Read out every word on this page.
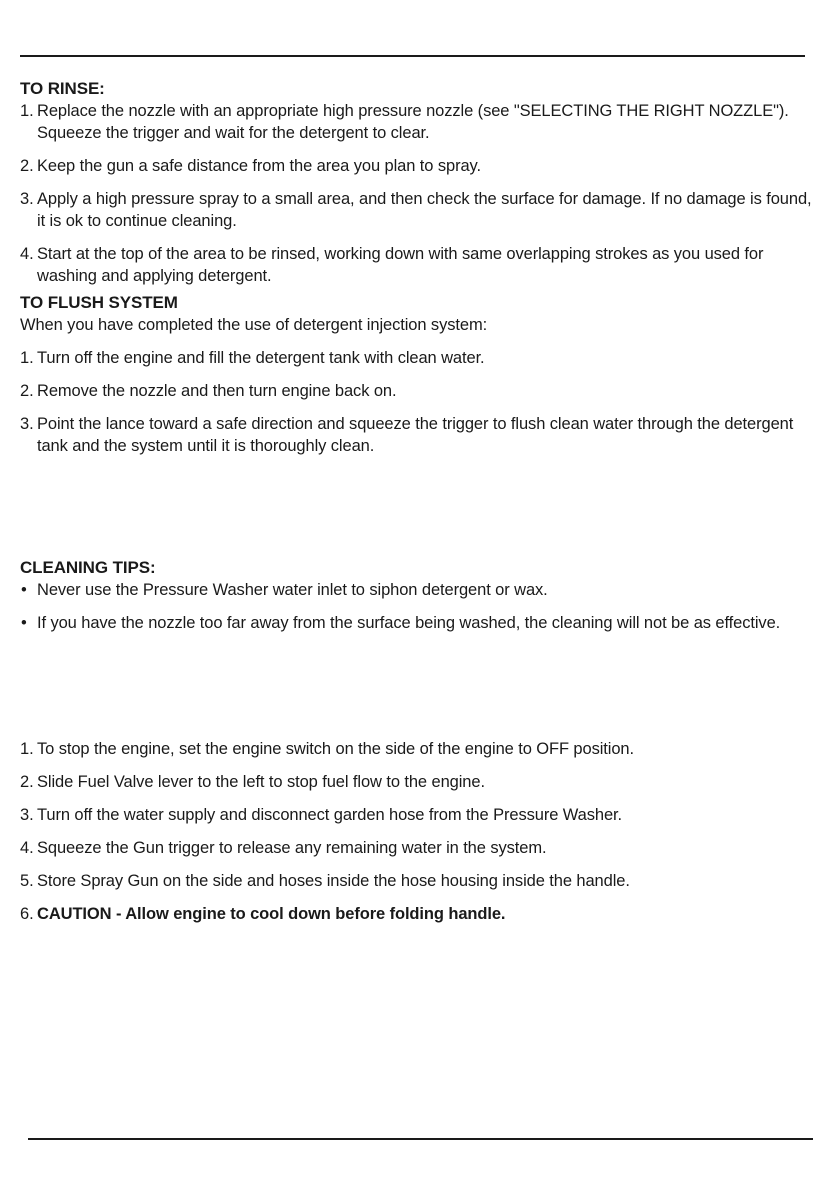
TO RINSE:
1. Replace the nozzle with an appropriate high pressure nozzle (see "SELECTING THE RIGHT NOZZLE"). Squeeze the trigger and wait for the detergent to clear.
2. Keep the gun a safe distance from the area you plan to spray.
3. Apply a high pressure spray to a small area, and then check the surface for damage. If no damage is found, it is ok to continue cleaning.
4. Start at the top of the area to be rinsed, working down with same overlapping strokes as you used for washing and applying detergent.
TO FLUSH SYSTEM

When you have completed the use of detergent injection system:

1. Turn off the engine and fill the detergent tank with clean water.
2. Remove the nozzle and then turn engine back on.
3. Point the lance toward a safe direction and squeeze the trigger to flush clean water through the detergent tank and the system until it is thoroughly clean.
CLEANING TIPS:
• Never use the Pressure Washer water inlet to siphon detergent or wax.
• If you have the nozzle too far away from the surface being washed, the cleaning will not be as effective.
1. To stop the engine, set the engine switch on the side of the engine to OFF position.
2. Slide Fuel Valve lever to the left to stop fuel flow to the engine.
3. Turn off the water supply and disconnect garden hose from the Pressure Washer.
4. Squeeze the Gun trigger to release any remaining water in the system.
5. Store Spray Gun on the side and hoses inside the hose housing inside the handle.
6. CAUTION - Allow engine to cool down before folding handle.
